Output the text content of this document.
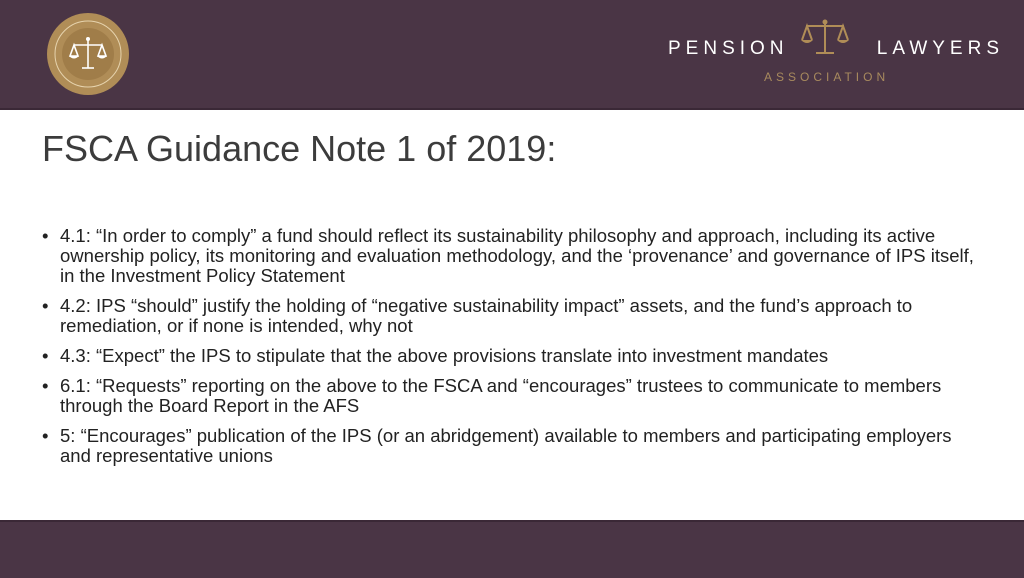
PENSION	LAWYERS
ASSOCIATION
FSCA Guidance Note 1 of 2019:
• 4.1: “In order to comply” a fund should reflect its sustainability philosophy and approach, including its active ownership policy, its monitoring and evaluation methodology, and the ‘provenance’ and governance of IPS itself, in the Investment Policy Statement
• 4.2: IPS “should” justify the holding of “negative sustainability impact” assets, and the fund’s approach to remediation, or if none is intended, why not
• 4.3: “Expect” the IPS to stipulate that the above provisions translate into investment mandates
• 6.1: “Requests” reporting on the above to the FSCA and “encourages” trustees to communicate to members through the Board Report in the AFS
• 5: “Encourages” publication of the IPS (or an abridgement) available to members and participating employers and representative unions
